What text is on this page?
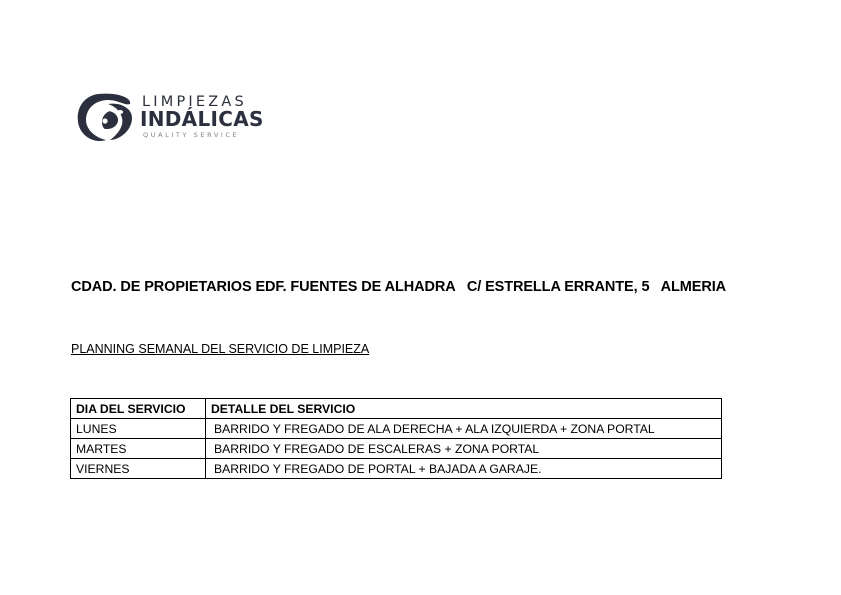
LIMPIEZAS
INDÁLICAS
QUALITY SERVICE
CDAD. DE PROPIETARIOS EDF. FUENTES DE ALHADRA   C/ ESTRELLA ERRANTE, 5   ALMERIA
PLANNING SEMANAL DEL SERVICIO DE LIMPIEZA
DIA DEL SERVICIO	DETALLE DEL SERVICIO
LUNES	BARRIDO Y FREGADO DE ALA DERECHA + ALA IZQUIERDA + ZONA PORTAL
MARTES	BARRIDO Y FREGADO DE ESCALERAS + ZONA PORTAL
VIERNES	BARRIDO Y FREGADO DE PORTAL + BAJADA A GARAJE.
